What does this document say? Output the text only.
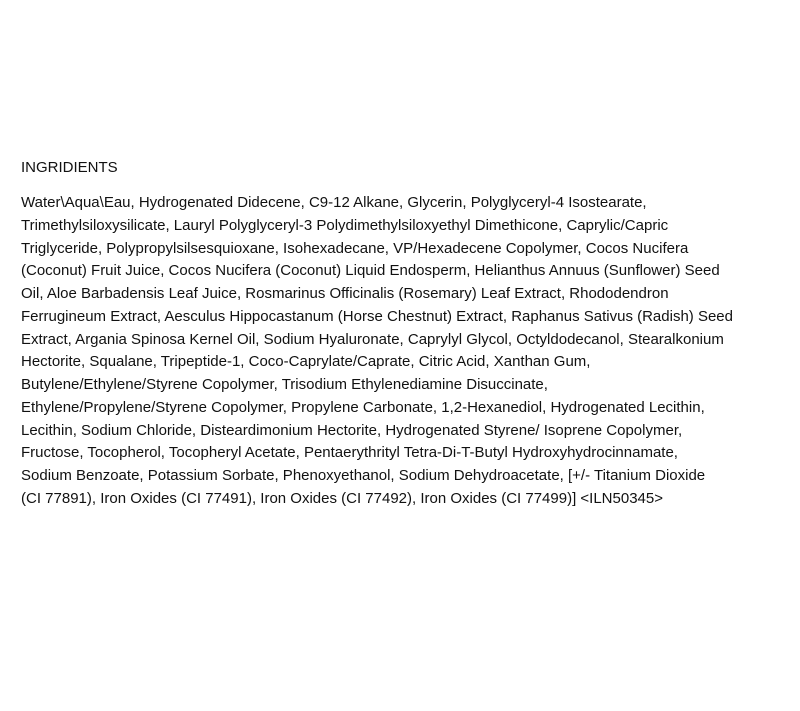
INGRIDIENTS

Water\Aqua\Eau, Hydrogenated Didecene, C9-12 Alkane, Glycerin, Polyglyceryl-4 Isostearate,
Trimethylsiloxysilicate, Lauryl Polyglyceryl-3 Polydimethylsiloxyethyl Dimethicone, Caprylic/Capric
Triglyceride, Polypropylsilsesquioxane, Isohexadecane, VP/Hexadecene Copolymer, Cocos Nucifera
(Coconut) Fruit Juice, Cocos Nucifera (Coconut) Liquid Endosperm, Helianthus Annuus (Sunflower) Seed
Oil, Aloe Barbadensis Leaf Juice, Rosmarinus Officinalis (Rosemary) Leaf Extract, Rhododendron
Ferrugineum Extract, Aesculus Hippocastanum (Horse Chestnut) Extract, Raphanus Sativus (Radish) Seed
Extract, Argania Spinosa Kernel Oil, Sodium Hyaluronate, Caprylyl Glycol, Octyldodecanol, Stearalkonium
Hectorite, Squalane, Tripeptide-1, Coco-Caprylate/Caprate, Citric Acid, Xanthan Gum,
Butylene/Ethylene/Styrene Copolymer, Trisodium Ethylenediamine Disuccinate,
Ethylene/Propylene/Styrene Copolymer, Propylene Carbonate, 1,2-Hexanediol, Hydrogenated Lecithin,
Lecithin, Sodium Chloride, Disteardimonium Hectorite, Hydrogenated Styrene/ Isoprene Copolymer,
Fructose, Tocopherol, Tocopheryl Acetate, Pentaerythrityl Tetra-Di-T-Butyl Hydroxyhydrocinnamate,
Sodium Benzoate, Potassium Sorbate, Phenoxyethanol, Sodium Dehydroacetate, [+/- Titanium Dioxide
(CI 77891), Iron Oxides (CI 77491), Iron Oxides (CI 77492), Iron Oxides (CI 77499)] <ILN50345>
